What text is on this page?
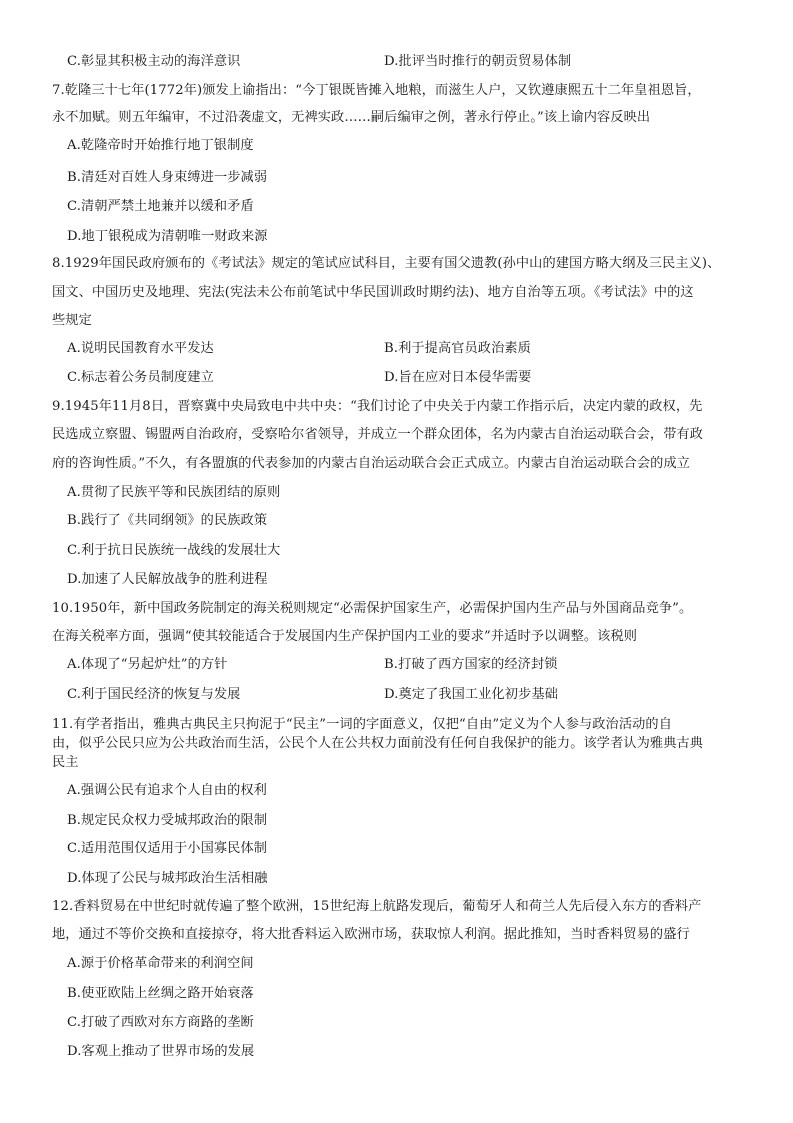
C.彰显其积极主动的海洋意识	D.批评当时推行的朝贡贸易体制
7.乾隆三十七年(1772年)颁发上谕指出：“今丁银既皆摊入地粮，而滋生人户，又钦遵康熙五十二年皇祖恩旨，
永不加赋。则五年编审，不过沿袭虚文，无裨实政……嗣后编审之例，著永行停止。”该上谕内容反映出
A.乾隆帝时开始推行地丁银制度
B.清廷对百姓人身束缚进一步减弱
C.清朝严禁土地兼并以缓和矛盾
D.地丁银税成为清朝唯一财政来源
8.1929年国民政府颁布的《考试法》规定的笔试应试科目，主要有国父遗教(孙中山的建国方略大纲及三民主义)、
国文、中国历史及地理、宪法(宪法未公布前笔试中华民国训政时期约法)、地方自治等五项。《考试法》中的这
些规定
A.说明民国教育水平发达	B.利于提高官员政治素质
C.标志着公务员制度建立	D.旨在应对日本侵华需要
9.1945年11月8日，晋察冀中央局致电中共中央：“我们讨论了中央关于内蒙工作指示后，决定内蒙的政权，先
民选成立察盟、锡盟两自治政府，受察哈尔省领导，并成立一个群众团体，名为内蒙古自治运动联合会，带有政
府的咨询性质。”不久，有各盟旗的代表参加的内蒙古自治运动联合会正式成立。内蒙古自治运动联合会的成立
A.贯彻了民族平等和民族团结的原则
B.践行了《共同纲领》的民族政策
C.利于抗日民族统一战线的发展壮大
D.加速了人民解放战争的胜利进程
10.1950年，新中国政务院制定的海关税则规定“必需保护国家生产，必需保护国内生产品与外国商品竞争”。
在海关税率方面，强调“使其较能适合于发展国内生产保护国内工业的要求”并适时予以调整。该税则
A.体现了“另起炉灶”的方针	B.打破了西方国家的经济封锁
C.利于国民经济的恢复与发展	D.奠定了我国工业化初步基础
11.有学者指出，雅典古典民主只拘泥于“民主”一词的字面意义，仅把“自由”定义为个人参与政治活动的自
由，似乎公民只应为公共政治而生活，公民个人在公共权力面前没有任何自我保护的能力。该学者认为雅典古典
民主
A.强调公民有追求个人自由的权利
B.规定民众权力受城邦政治的限制
C.适用范围仅适用于小国寡民体制
D.体现了公民与城邦政治生活相融
12.香料贸易在中世纪时就传遍了整个欧洲，15世纪海上航路发现后，葡萄牙人和荷兰人先后侵入东方的香料产
地，通过不等价交换和直接掠夺，将大批香料运入欧洲市场，获取惊人利润。据此推知，当时香料贸易的盛行
A.源于价格革命带来的利润空间
B.使亚欧陆上丝绸之路开始衰落
C.打破了西欧对东方商路的垄断
D.客观上推动了世界市场的发展
